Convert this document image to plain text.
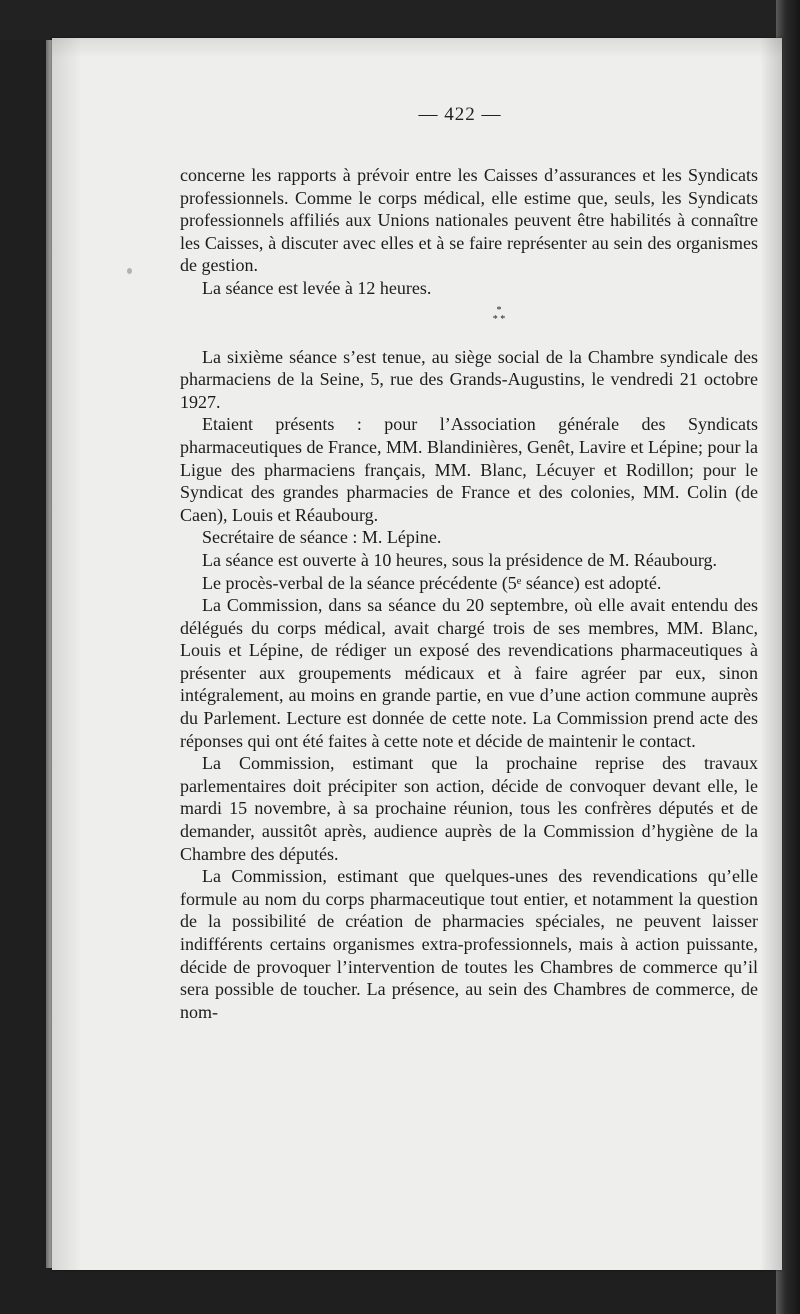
— 422 —

concerne les rapports à prévoir entre les Caisses d’assurances et les Syndicats professionnels. Comme le corps médical, elle estime que, seuls, les Syndicats professionnels affiliés aux Unions nationales peuvent être habilités à connaître les Caisses, à discuter avec elles et à se faire représenter au sein des organismes de gestion.

La séance est levée à 12 heures.

*
* *

La sixième séance s’est tenue, au siège social de la Chambre syndicale des pharmaciens de la Seine, 5, rue des Grands-Augustins, le vendredi 21 octobre 1927.

Etaient présents : pour l’Association générale des Syndicats pharmaceutiques de France, MM. Blandinières, Genêt, Lavire et Lépine; pour la Ligue des pharmaciens français, MM. Blanc, Lécuyer et Rodillon; pour le Syndicat des grandes pharmacies de France et des colonies, MM. Colin (de Caen), Louis et Réaubourg.

Secrétaire de séance : M. Lépine.

La séance est ouverte à 10 heures, sous la présidence de M. Réaubourg.

Le procès-verbal de la séance précédente (5ᵉ séance) est adopté.

La Commission, dans sa séance du 20 septembre, où elle avait entendu des délégués du corps médical, avait chargé trois de ses membres, MM. Blanc, Louis et Lépine, de rédiger un exposé des revendications pharmaceutiques à présenter aux groupements médicaux et à faire agréer par eux, sinon intégralement, au moins en grande partie, en vue d’une action commune auprès du Parlement. Lecture est donnée de cette note. La Commission prend acte des réponses qui ont été faites à cette note et décide de maintenir le contact.

La Commission, estimant que la prochaine reprise des travaux parlementaires doit précipiter son action, décide de convoquer devant elle, le mardi 15 novembre, à sa prochaine réunion, tous les confrères députés et de demander, aussitôt après, audience auprès de la Commission d’hygiène de la Chambre des députés.

La Commission, estimant que quelques-unes des revendications qu’elle formule au nom du corps pharmaceutique tout entier, et notamment la question de la possibilité de création de pharmacies spéciales, ne peuvent laisser indifférents certains organismes extra-professionnels, mais à action puissante, décide de provoquer l’intervention de toutes les Chambres de commerce qu’il sera possible de toucher. La présence, au sein des Chambres de commerce, de nom-
